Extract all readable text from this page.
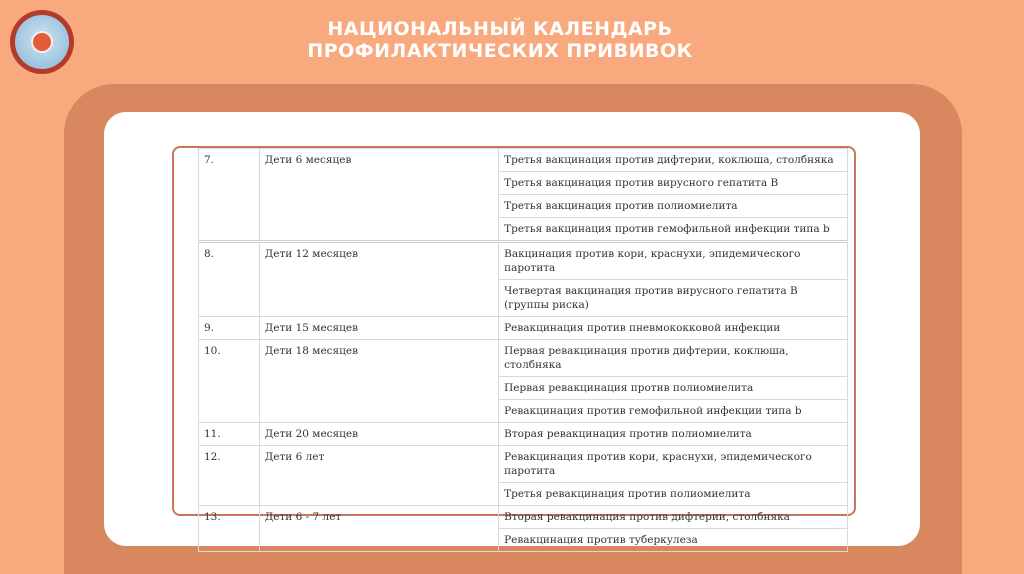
НАЦИОНАЛЬНЫЙ КАЛЕНДАРЬ
ПРОФИЛАКТИЧЕСКИХ ПРИВИВОК
7.	Дети 6 месяцев	Третья вакцинация против дифтерии, коклюша, столбняка
		Третья вакцинация против вирусного гепатита В
		Третья вакцинация против полиомиелита
		Третья вакцинация против гемофильной инфекции типа b
8.	Дети 12 месяцев	Вакцинация против кори, краснухи, эпидемического паротита
		Четвертая вакцинация против вирусного гепатита В (группы риска)
9.	Дети 15 месяцев	Ревакцинация против пневмококковой инфекции
10.	Дети 18 месяцев	Первая ревакцинация против дифтерии, коклюша, столбняка
		Первая ревакцинация против полиомиелита
		Ревакцинация против гемофильной инфекции типа b
11.	Дети 20 месяцев	Вторая ревакцинация против полиомиелита
12.	Дети 6 лет	Ревакцинация против кори, краснухи, эпидемического паротита
		Третья ревакцинация против полиомиелита
13.	Дети 6 - 7 лет	Вторая ревакцинация против дифтерии, столбняка
		Ревакцинация против туберкулеза
